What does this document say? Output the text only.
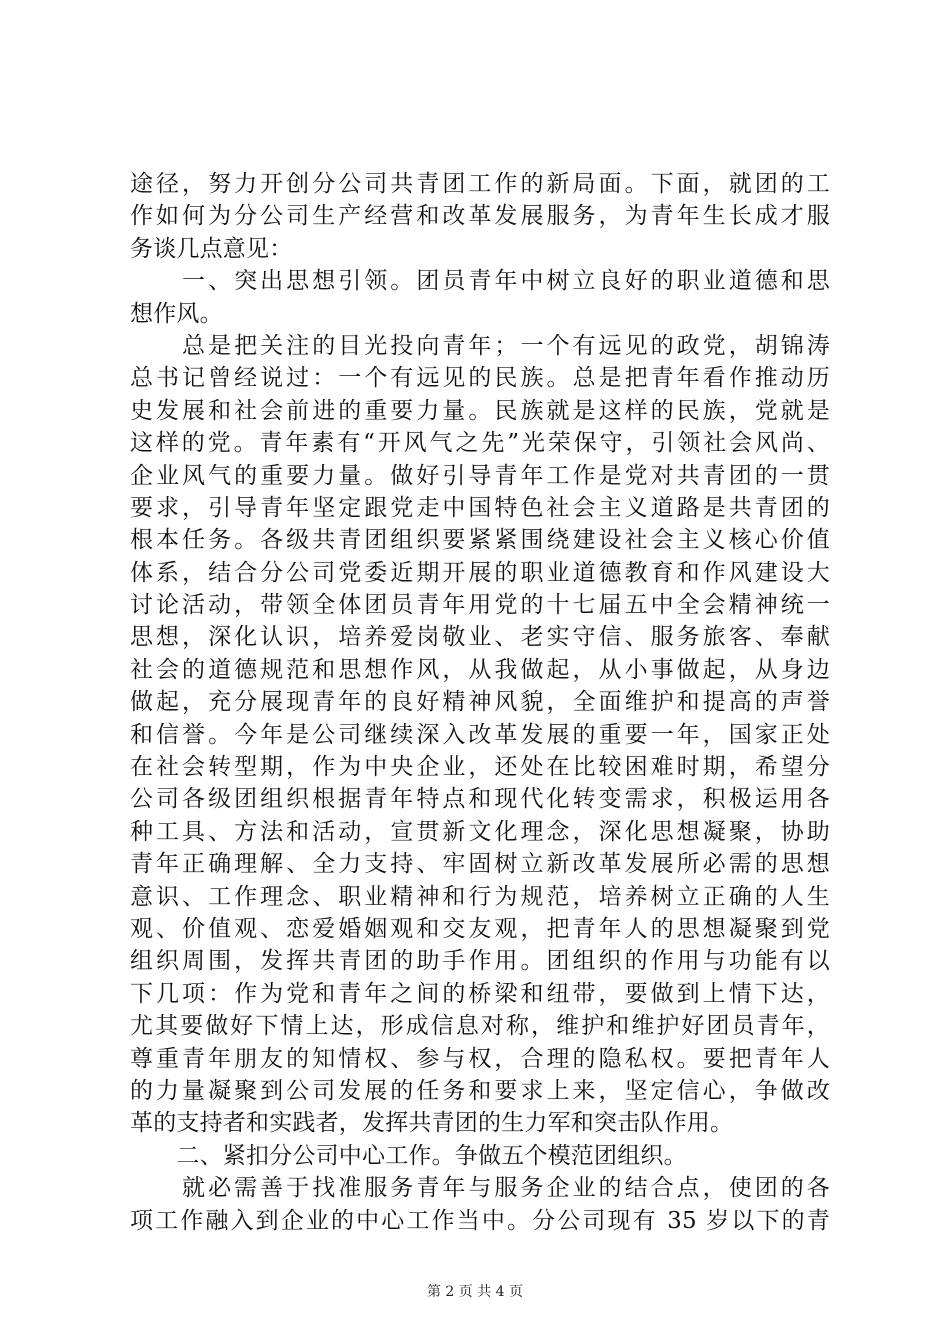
途径，努力开创分公司共青团工作的新局面。下面，就团的工
作如何为分公司生产经营和改革发展服务，为青年生长成才服
务谈几点意见：
　　一、突出思想引领。团员青年中树立良好的职业道德和思
想作风。
　　总是把关注的目光投向青年；一个有远见的政党，胡锦涛
总书记曾经说过：一个有远见的民族。总是把青年看作推动历
史发展和社会前进的重要力量。民族就是这样的民族，党就是
这样的党。青年素有“开风气之先”光荣保守，引领社会风尚、
企业风气的重要力量。做好引导青年工作是党对共青团的一贯
要求，引导青年坚定跟党走中国特色社会主义道路是共青团的
根本任务。各级共青团组织要紧紧围绕建设社会主义核心价值
体系，结合分公司党委近期开展的职业道德教育和作风建设大
讨论活动，带领全体团员青年用党的十七届五中全会精神统一
思想，深化认识，培养爱岗敬业、老实守信、服务旅客、奉献
社会的道德规范和思想作风，从我做起，从小事做起，从身边
做起，充分展现青年的良好精神风貌，全面维护和提高的声誉
和信誉。今年是公司继续深入改革发展的重要一年，国家正处
在社会转型期，作为中央企业，还处在比较困难时期，希望分
公司各级团组织根据青年特点和现代化转变需求，积极运用各
种工具、方法和活动，宣贯新文化理念，深化思想凝聚，协助
青年正确理解、全力支持、牢固树立新改革发展所必需的思想
意识、工作理念、职业精神和行为规范，培养树立正确的人生
观、价值观、恋爱婚姻观和交友观，把青年人的思想凝聚到党
组织周围，发挥共青团的助手作用。团组织的作用与功能有以
下几项：作为党和青年之间的桥梁和纽带，要做到上情下达，
尤其要做好下情上达，形成信息对称，维护和维护好团员青年，
尊重青年朋友的知情权、参与权，合理的隐私权。要把青年人
的力量凝聚到公司发展的任务和要求上来，坚定信心，争做改
革的支持者和实践者，发挥共青团的生力军和突击队作用。
　　二、紧扣分公司中心工作。争做五个模范团组织。
　　就必需善于找准服务青年与服务企业的结合点，使团的各
项工作融入到企业的中心工作当中。分公司现有 35 岁以下的青
第 2 页 共 4 页
